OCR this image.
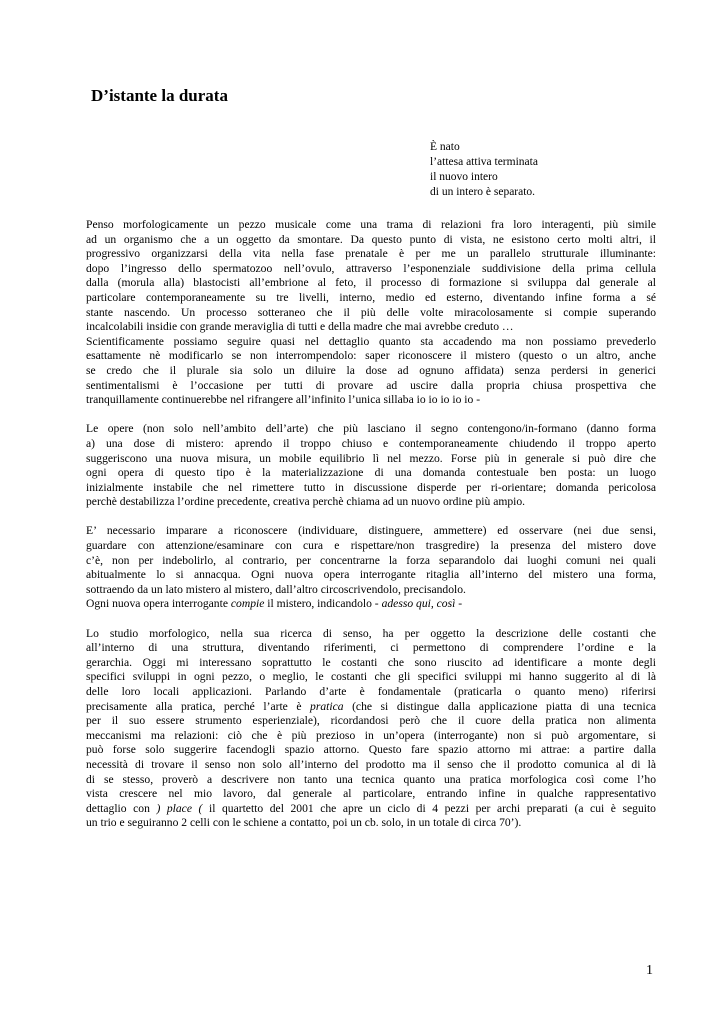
D’istante la durata
È nato
l’attesa attiva terminata
il nuovo intero
di un intero è separato.
Penso morfologicamente un pezzo musicale come una trama di relazioni fra loro interagenti, più simile
ad un organismo che a un oggetto da smontare. Da questo punto di vista, ne esistono certo molti altri, il
progressivo organizzarsi della vita nella fase prenatale è per me un parallelo strutturale illuminante:
dopo l’ingresso dello spermatozoo nell’ovulo, attraverso l’esponenziale suddivisione della prima cellula
dalla (morula alla) blastocisti all’embrione al feto, il processo di formazione si sviluppa dal generale al
particolare contemporaneamente su tre livelli, interno, medio ed esterno, diventando infine forma a sé
stante nascendo. Un processo sotteraneo che il più delle volte miracolosamente si compie superando
incalcolabili insidie con grande meraviglia di tutti e della madre che mai avrebbe creduto …
Scientificamente possiamo seguire quasi nel dettaglio quanto sta accadendo ma non possiamo prevederlo
esattamente nè modificarlo se non interrompendolo: saper riconoscere il mistero (questo o un altro, anche
se credo che il plurale sia solo un diluire la dose ad ognuno affidata) senza perdersi in generici
sentimentalismi è l’occasione per tutti di provare ad uscire dalla propria chiusa prospettiva che
tranquillamente continuerebbe nel rifrangere all’infinito l’unica sillaba io io io io io -
Le opere (non solo nell’ambito dell’arte) che più lasciano il segno contengono/in-formano (danno forma
a) una dose di mistero: aprendo il troppo chiuso e contemporaneamente chiudendo il troppo aperto
suggeriscono una nuova misura, un mobile equilibrio lì nel mezzo. Forse più in generale si può dire che
ogni opera di questo tipo è la materializzazione di una domanda contestuale ben posta: un luogo
inizialmente instabile che nel rimettere tutto in discussione disperde per ri-orientare; domanda pericolosa
perchè destabilizza l’ordine precedente, creativa perchè chiama ad un nuovo ordine più ampio.
E’ necessario imparare a riconoscere (individuare, distinguere, ammettere) ed osservare (nei due sensi,
guardare con attenzione/esaminare con cura e rispettare/non trasgredire) la presenza del mistero dove
c’è, non per indebolirlo, al contrario, per concentrarne la forza separandolo dai luoghi comuni nei quali
abitualmente lo si annacqua. Ogni nuova opera interrogante ritaglia all’interno del mistero una forma,
sottraendo da un lato mistero al mistero, dall’altro circoscrivendolo, precisandolo.
Ogni nuova opera interrogante compie il mistero, indicandolo - adesso qui, così -
Lo studio morfologico, nella sua ricerca di senso, ha per oggetto la descrizione delle costanti che
all’interno di una struttura, diventando riferimenti, ci permettono di comprendere l’ordine e la
gerarchia. Oggi mi interessano soprattutto le costanti che sono riuscito ad identificare a monte degli
specifici sviluppi in ogni pezzo, o meglio, le costanti che gli specifici sviluppi mi hanno suggerito al di là
delle loro locali applicazioni. Parlando d’arte è fondamentale (praticarla o quanto meno) riferirsi
precisamente alla pratica, perché l’arte è pratica (che si distingue dalla applicazione piatta di una tecnica
per il suo essere strumento esperienziale), ricordandosi però che il cuore della pratica non alimenta
meccanismi ma relazioni: ciò che è più prezioso in un’opera (interrogante) non si può argomentare, si
può forse solo suggerire facendogli spazio attorno. Questo fare spazio attorno mi attrae: a partire dalla
necessità di trovare il senso non solo all’interno del prodotto ma il senso che il prodotto comunica al di là
di se stesso, proverò a descrivere non tanto una tecnica quanto una pratica morfologica così come l’ho
vista crescere nel mio lavoro, dal generale al particolare, entrando infine in qualche rappresentativo
dettaglio con ) place ( il quartetto del 2001 che apre un ciclo di 4 pezzi per archi preparati (a cui è seguito
un trio e seguiranno 2 celli con le schiene a contatto, poi un cb. solo, in un totale di circa 70’).
1
